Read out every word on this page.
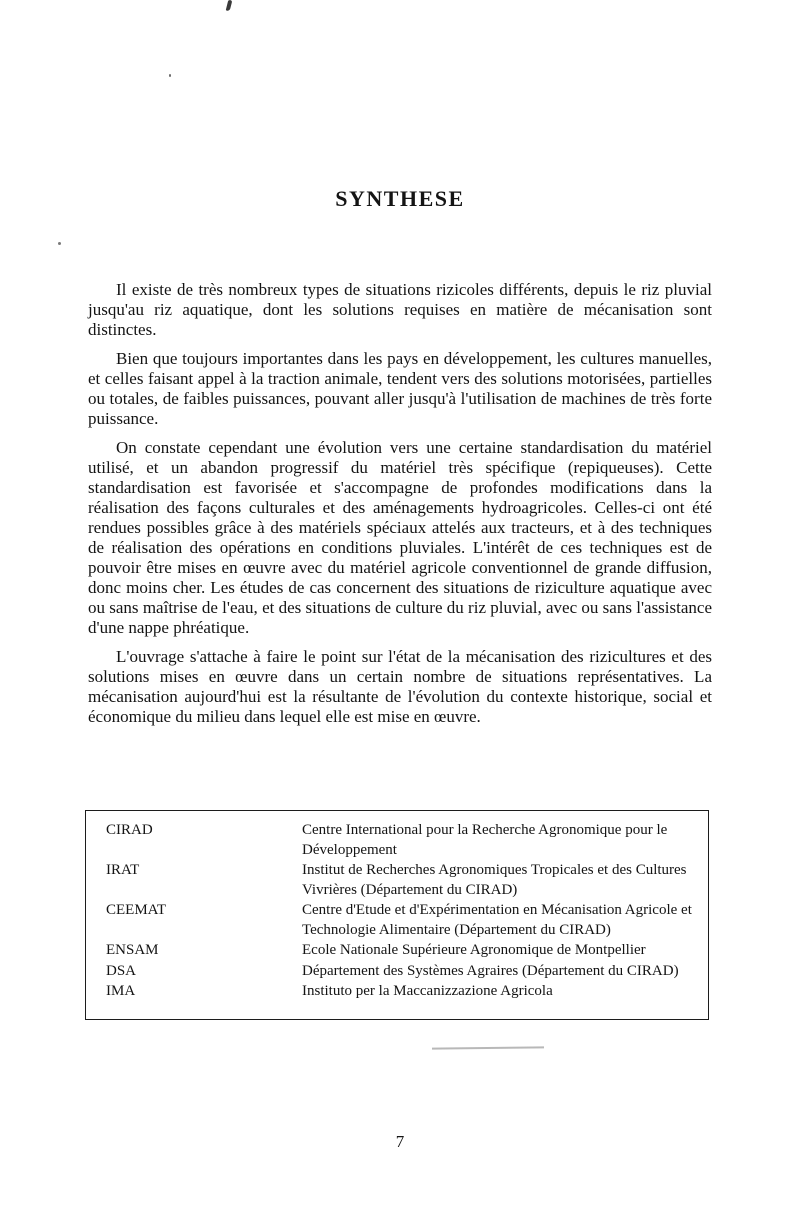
SYNTHESE

Il existe de très nombreux types de situations rizicoles différents, depuis le riz pluvial jusqu'au riz aquatique, dont les solutions requises en matière de mécanisation sont distinctes.

Bien que toujours importantes dans les pays en développement, les cultures manuelles, et celles faisant appel à la traction animale, tendent vers des solutions motorisées, partielles ou totales, de faibles puissances, pouvant aller jusqu'à l'utilisation de machines de très forte puissance.

On constate cependant une évolution vers une certaine standardisation du matériel utilisé, et un abandon progressif du matériel très spécifique (repiqueuses). Cette standardisation est favorisée et s'accompagne de profondes modifications dans la réalisation des façons culturales et des aménagements hydroagricoles. Celles-ci ont été rendues possibles grâce à des matériels spéciaux attelés aux tracteurs, et à des techniques de réalisation des opérations en conditions pluviales. L'intérêt de ces techniques est de pouvoir être mises en œuvre avec du matériel agricole conventionnel de grande diffusion, donc moins cher. Les études de cas concernent des situations de riziculture aquatique avec ou sans maîtrise de l'eau, et des situations de culture du riz pluvial, avec ou sans l'assistance d'une nappe phréatique.

L'ouvrage s'attache à faire le point sur l'état de la mécanisation des rizicultures et des solutions mises en œuvre dans un certain nombre de situations représentatives. La mécanisation aujourd'hui est la résultante de l'évolution du contexte historique, social et économique du milieu dans lequel elle est mise en œuvre.

CIRAD	Centre International pour la Recherche Agronomique pour le Développement
IRAT	Institut de Recherches Agronomiques Tropicales et des Cultures Vivrières (Département du CIRAD)
CEEMAT	Centre d'Etude et d'Expérimentation en Mécanisation Agricole et Technologie Alimentaire (Département du CIRAD)
ENSAM	Ecole Nationale Supérieure Agronomique de Montpellier
DSA	Département des Systèmes Agraires (Département du CIRAD)
IMA	Instituto per la Maccanizzazione Agricola
7
